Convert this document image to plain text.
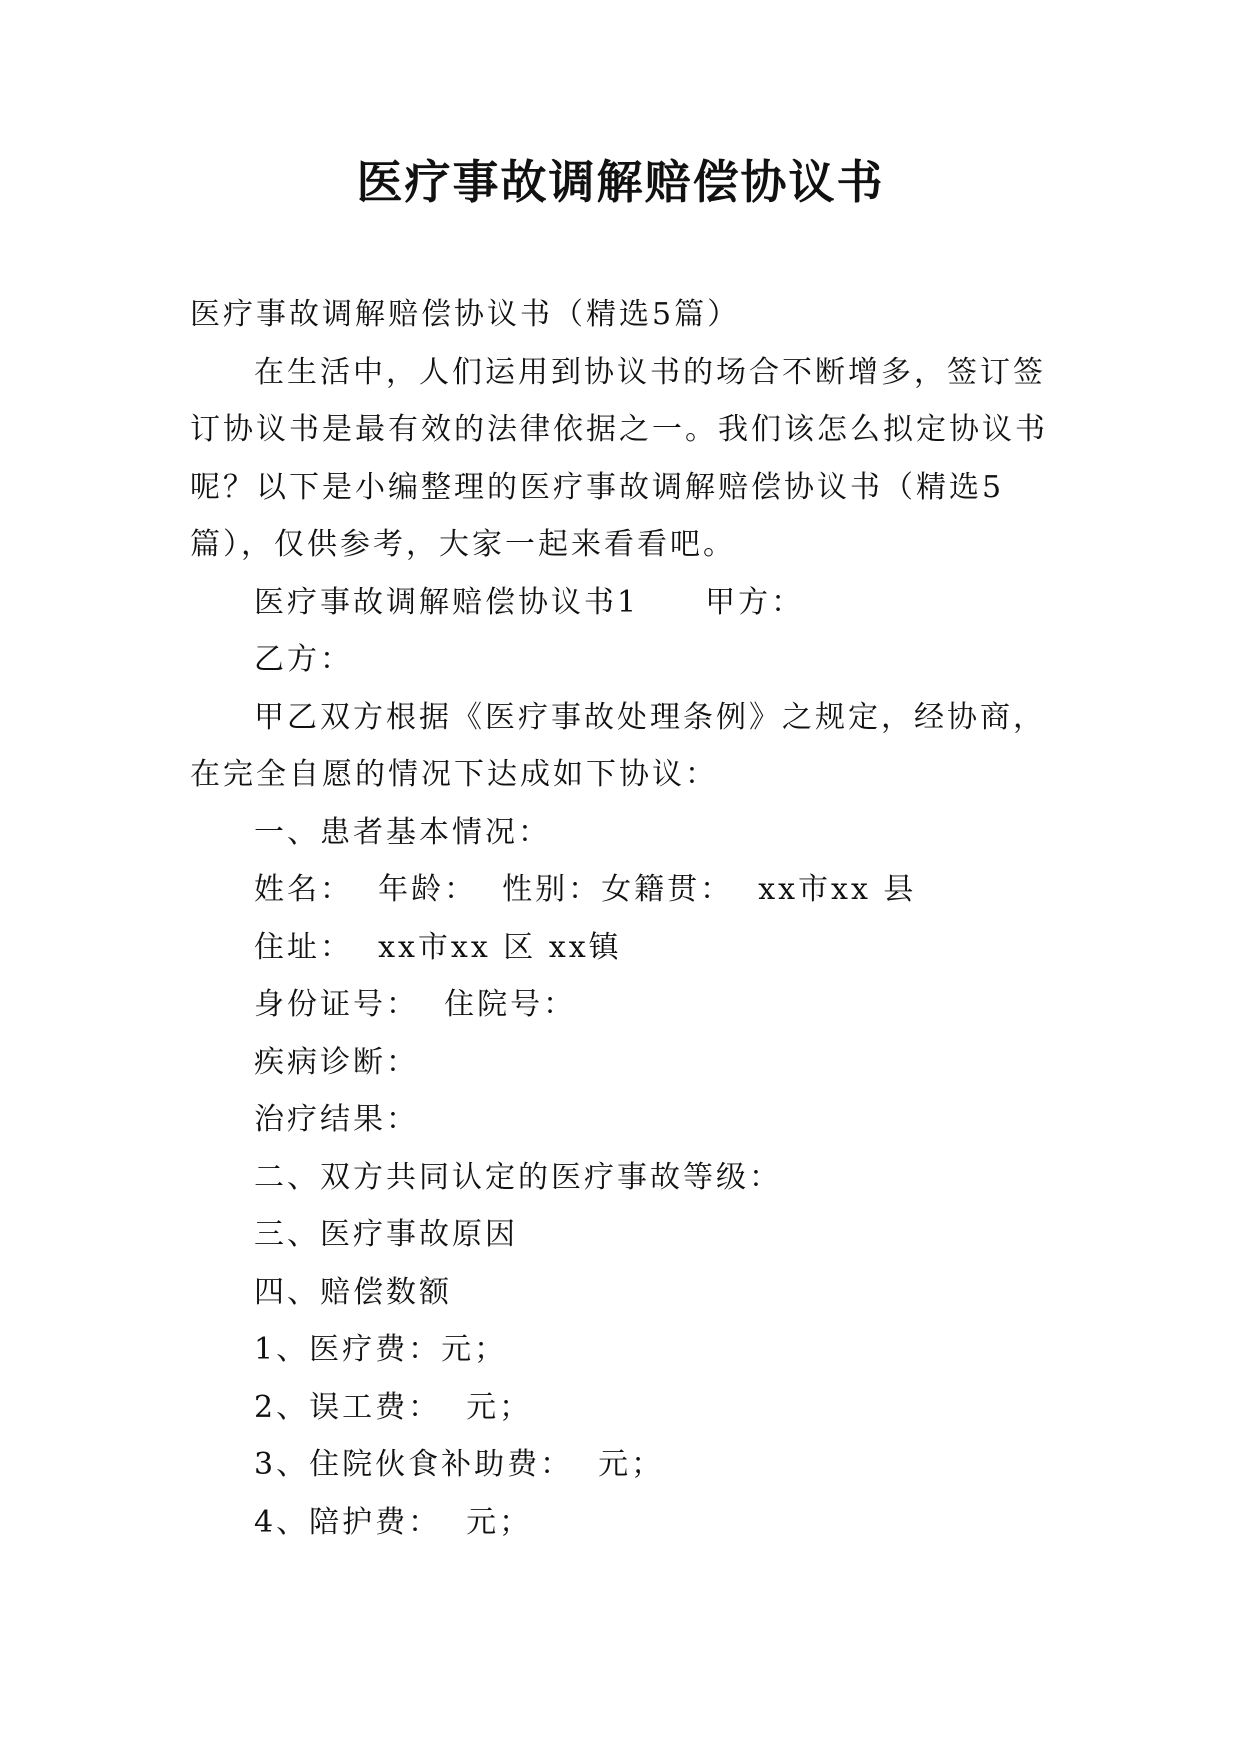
医疗事故调解赔偿协议书

医疗事故调解赔偿协议书（精选5篇）

在生活中，人们运用到协议书的场合不断增多，签订签

订协议书是最有效的法律依据之一。我们该怎么拟定协议书

呢？以下是小编整理的医疗事故调解赔偿协议书（精选5

篇），仅供参考，大家一起来看看吧。

医疗事故调解赔偿协议书1　　甲方：

乙方：

甲乙双方根据《医疗事故处理条例》之规定，经协商，

在完全自愿的情况下达成如下协议：

一、患者基本情况：

姓名：  年龄：  性别：女籍贯：  xx市xx 县

住址：  xx市xx 区 xx镇

身份证号：  住院号：

疾病诊断：

治疗结果：

二、双方共同认定的医疗事故等级：

三、医疗事故原因

四、赔偿数额

1、医疗费：元；

2、误工费：  元；

3、住院伙食补助费：  元；

4、陪护费：  元；
